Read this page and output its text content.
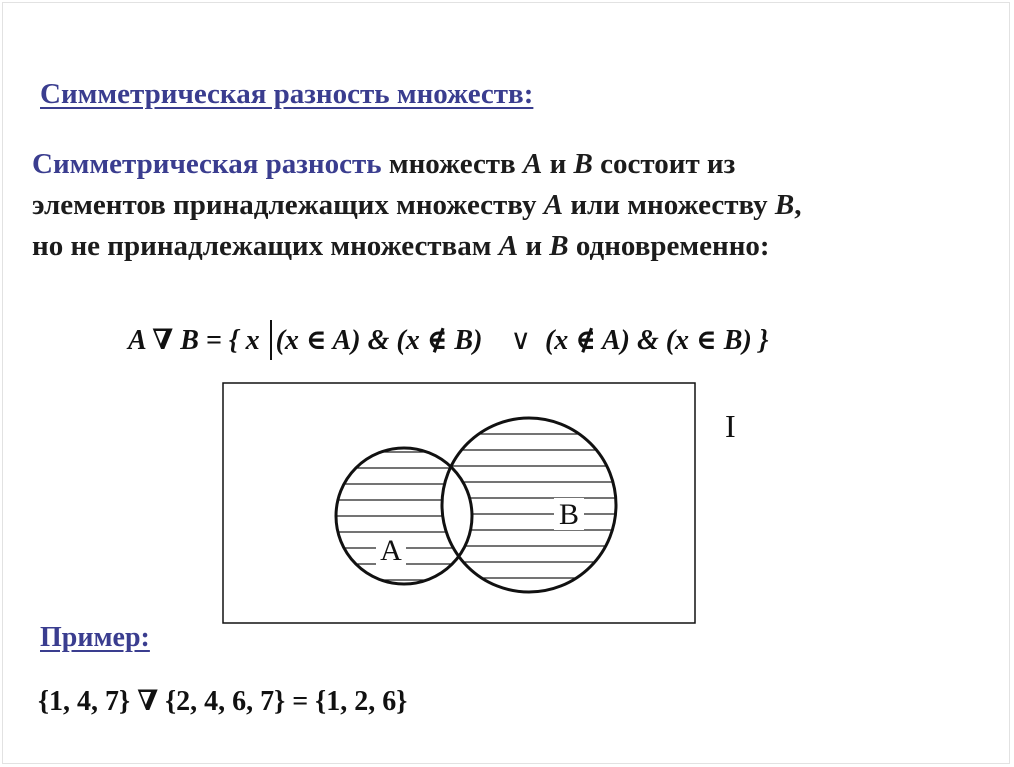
Симметрическая разность множеств:
Симметрическая разность множеств A и B состоит из
элементов принадлежащих множеству A или множеству B,
но не принадлежащих множествам A и B одновременно:
A ∇ B = { x (x ∈ A) & (x ∉ B) ∨ (x ∉ A) & (x ∈ B) }
A
B
I
Пример:
{1, 4, 7} ∇ {2, 4, 6, 7} = {1, 2, 6}
